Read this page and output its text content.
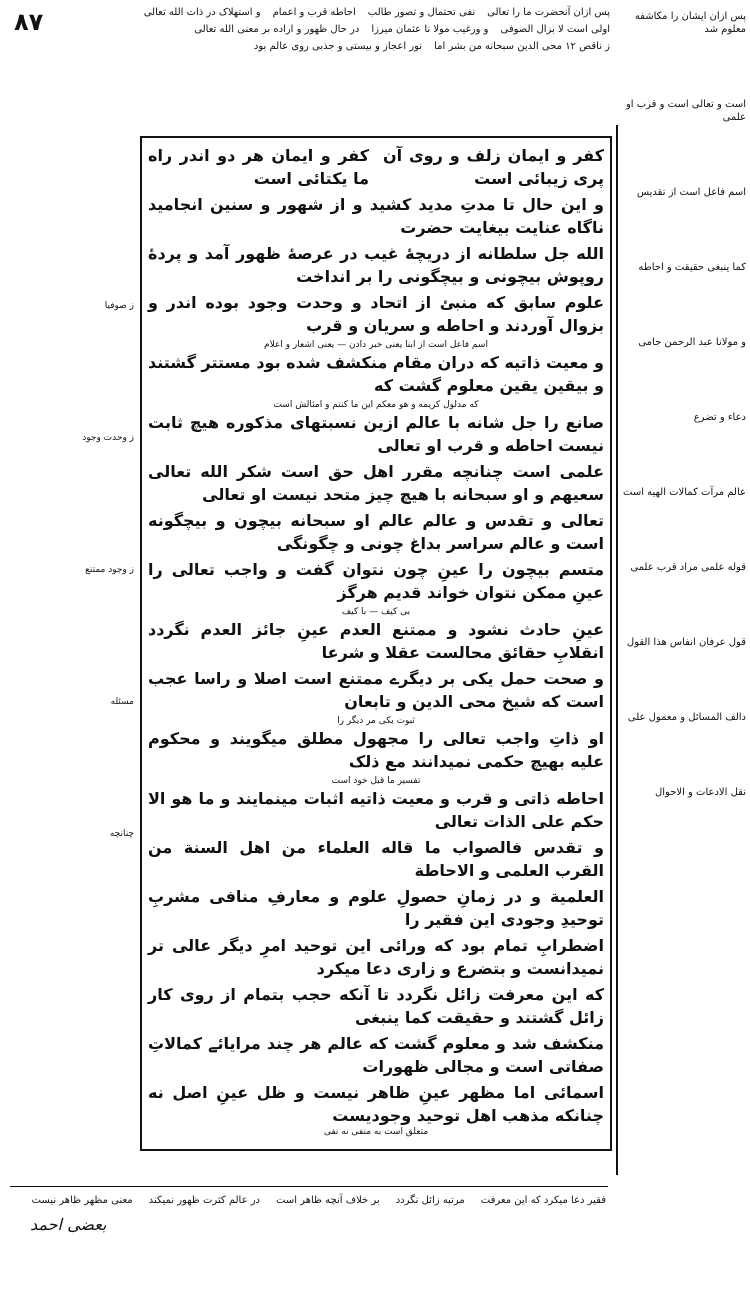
۸۷	پس ازان آنحضرت ما را تعالی
نفی تحتمال و تصور طالب
احاطه قرب و اعمام
و استهلاک در ذات الله تعالی
اولی است لا بزال الصوفی
و ورغیب مولا نا عثمان میرزا
در حال ظهور و اراده بر معنی الله تعالی
ز ناقص ۱۲ محی الدین سبحانه من بشر اما
نور اعجاز و بیستی و جذبی روی عالم بود
کفر و ایمان زلف و روی آن پری زیبائی است
کفر و ایمان هر دو اندر راه ما یکتائی است
و این حال تا مدتِ مدید کشید و از شهور و سنین انجامید ناگاه عنایت بیغایت حضرت
الله جل سلطانه از دریچهٔ غیب در عرصهٔ ظهور آمد و پردهٔ روپوش بیچونی و بیچگونی را بر انداخت
علوم سابق که منبئ از اتحاد و وحدت وجود بوده اندر و بزوال آوردند و احاطه و سریان و قرب
اسم فاعل است از ابنا یعنی خبر دادن — یعنی اشعار و اعلام
و معیت ذاتیه که دران مقام منکشف شده بود مستتر گشتند و بیقین یقین معلوم گشت که
که مدلول کریمه و هو معکم این ما کنتم و امثالش است
صانع را جل شانه با عالم ازین نسبتهای مذکوره هیچ ثابت نیست احاطه و قرب او تعالی
علمی است چنانچه مقرر اهل حق است شکر الله تعالی سعیهم و او سبحانه با هیچ چیز متحد نیست او تعالی
تعالی و تقدس و عالم عالم او سبحانه بیچون و بیچگونه است و عالم سراسر بداغ چونی و چگونگی
متسم بیچون را عینِ چون نتوان گفت و واجب تعالی را عینِ ممکن نتوان خواند قدیم هرگز
بی کیف — با کیف
عینِ حادث نشود و ممتنع العدم عینِ جائز العدم نگردد انقلابِ حقائق محالست عقلا و شرعا
و صحت حمل یکی بر دیگرے ممتنع است اصلا و راسا عجب است که شیخ محی الدین و تابعان
ثبوت یکی مر دیگر را
او ذاتِ واجب تعالی را مجهول مطلق میگویند و محکوم علیه بهیچ حکمی نمیدانند مع ذلک
تفسیر ما قبل خود است
احاطه ذاتی و قرب و معیت ذاتیه اثبات مینمایند و ما هو الا حکم علی الذات تعالی
و تقدس فالصواب ما قاله العلماء من اهل السنة من القرب العلمی و الاحاطة
العلمیة و در زمانِ حصولِ علوم و معارفِ منافی مشربِ توحیدِ وجودی این فقیر را
اضطرابِ تمام بود که ورائی این توحید امرِ دیگر عالی تر نمیدانست و بتضرع و زاری دعا میکرد
که این معرفت زائل نگردد تا آنکه حجب بتمام از روی کار زائل گشتند و حقیقت کما ینبغی
منکشف شد و معلوم گشت که عالم هر چند مرایائے کمالاتِ صفاتی است و مجالی ظهورات
اسمائی اما مظهر عینِ ظاهر نیست و ظل عینِ اصل نه چنانکه مذهب اهل توحید وجودیست
متعلق است به منفی نه نفی
پس ازان ایشان را مکاشفه معلوم شد
است و تعالی است و قرب او علمی
اسم فاعل است از تقدیس
کما ینبغی حقیقت و احاطه
و مولانا عبد الرحمن جامی
دعاء و تضرع
عالم مرآت کمالات الهیه است
قوله علمی مراد قرب علمی
قول عرفان انفاس هذا القول
دالف المسائل و معمول علی
نقل الادعات و الاحوال
ز صوفیا
ز وحدت وجود
ز وجود ممتنع
مسئله
چنانچه
فقیر دعا میکرد که این معرفت
مرتبه زائل نگردد
بر خلاف آنچه ظاهر است
در عالم کثرت ظهور نمیکند
معنی مظهر ظاهر نیست
بعضی احمد
